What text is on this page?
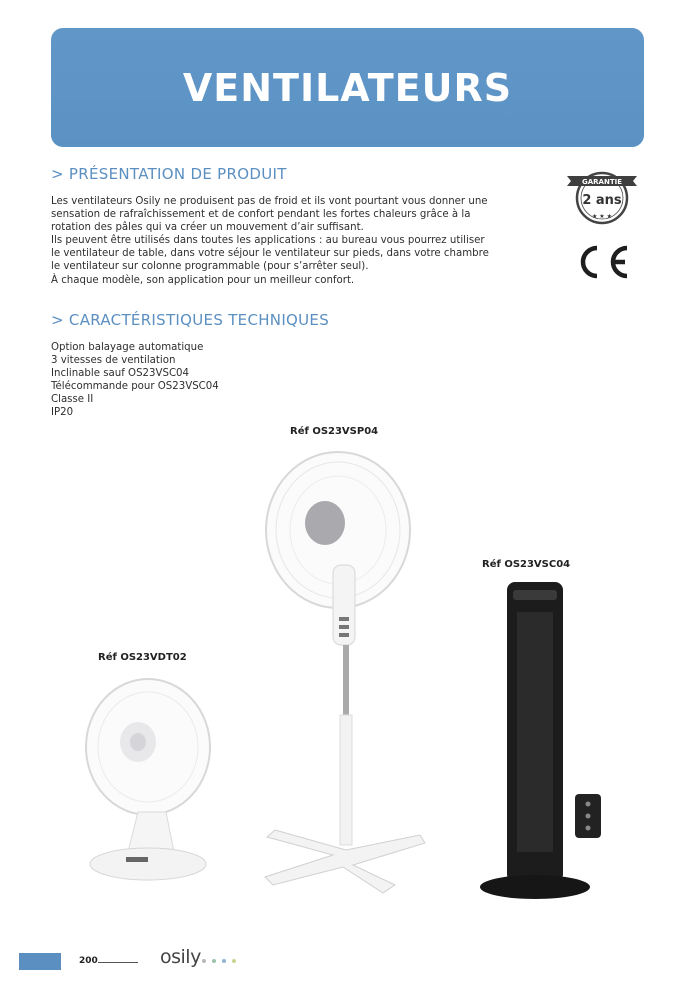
VENTILATEURS
> PRÉSENTATION DE PRODUIT

Les ventilateurs Osily ne produisent pas de froid et ils vont pourtant vous donner une
sensation de rafraîchissement et de confort pendant les fortes chaleurs grâce à la
rotation des pâles qui va créer un mouvement d’air suffisant.
Ils peuvent être utilisés dans toutes les applications : au bureau vous pourrez utiliser
le ventilateur de table, dans votre séjour le ventilateur sur pieds, dans votre chambre
le ventilateur sur colonne programmable (pour s’arrêter seul).
À chaque modèle, son application pour un meilleur confort.

> CARACTÉRISTIQUES TECHNIQUES
Option balayage automatique
3 vitesses de ventilation
Inclinable sauf OS23VSC04
Télécommande pour OS23VSC04
Classe II
IP20
GARANTIE
2 ans
★ ★ ★
Réf OS23VSP04
Réf OS23VSC04
Réf OS23VDT02
200	osily
